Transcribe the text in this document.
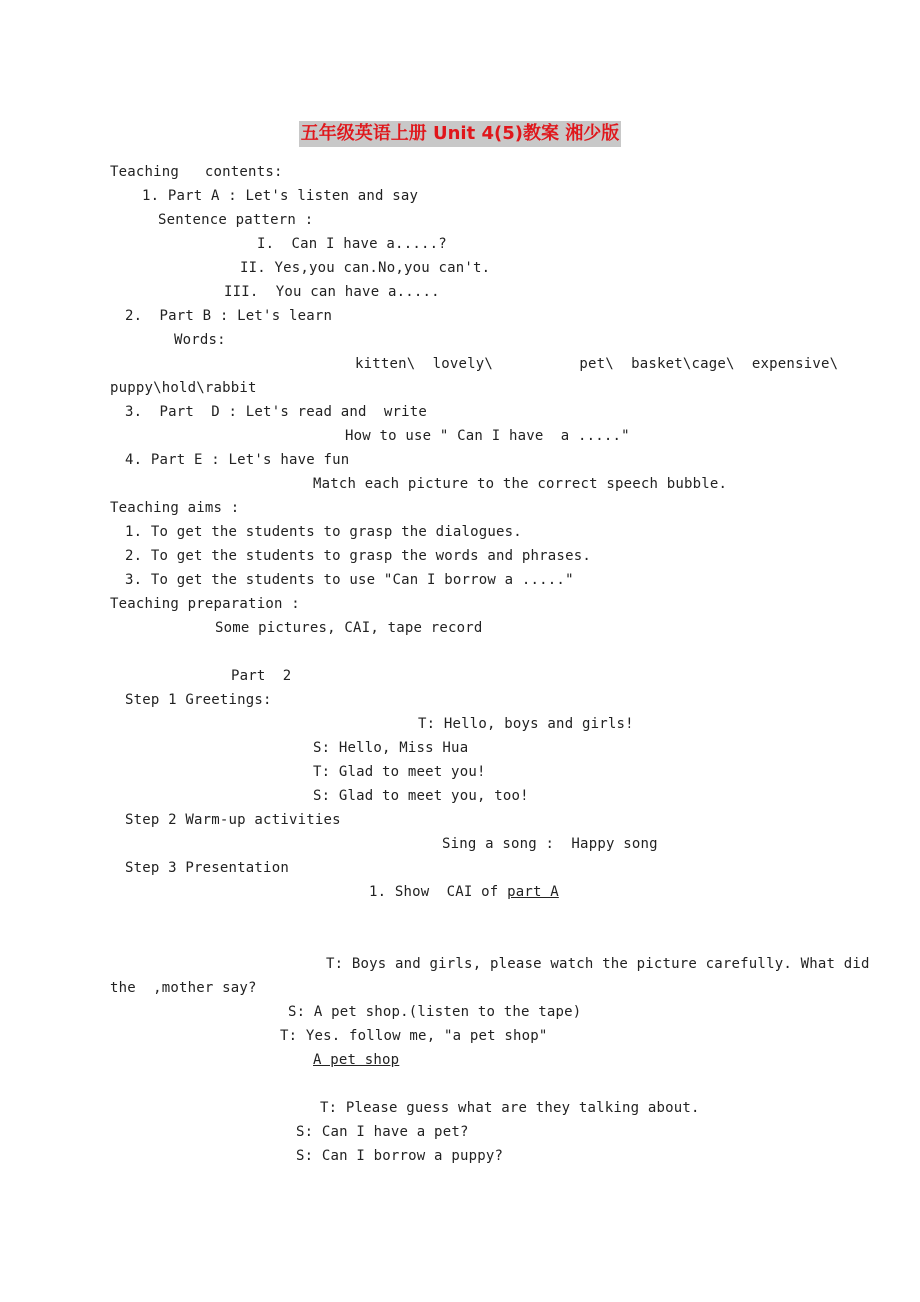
五年级英语上册 Unit 4(5)教案 湘少版
Teaching   contents:
1. Part A : Let's listen and say
Sentence pattern :
I.  Can I have a.....?
II. Yes,you can.No,you can't.
III.  You can have a.....
2.  Part B : Let's learn
Words:
kitten\  lovely\          pet\  basket\cage\  expensive\
puppy\hold\rabbit
3.  Part  D : Let's read and  write
How to use " Can I have  a ....."
4. Part E : Let's have fun
Match each picture to the correct speech bubble.
Teaching aims :
1. To get the students to grasp the dialogues.
2. To get the students to grasp the words and phrases.
3. To get the students to use "Can I borrow a ....."
Teaching preparation :
Some pictures, CAI, tape record
Part  2
Step 1 Greetings:
T: Hello, boys and girls!
S: Hello, Miss Hua
T: Glad to meet you!
S: Glad to meet you, too!
Step 2 Warm-up activities
Sing a song :  Happy song
Step 3 Presentation
1. Show  CAI of part A
T: Boys and girls, please watch the picture carefully. What did
the  ,mother say?
S: A pet shop.(listen to the tape)
T: Yes. follow me, "a pet shop"
A pet shop
T: Please guess what are they talking about.
S: Can I have a pet?
S: Can I borrow a puppy?
